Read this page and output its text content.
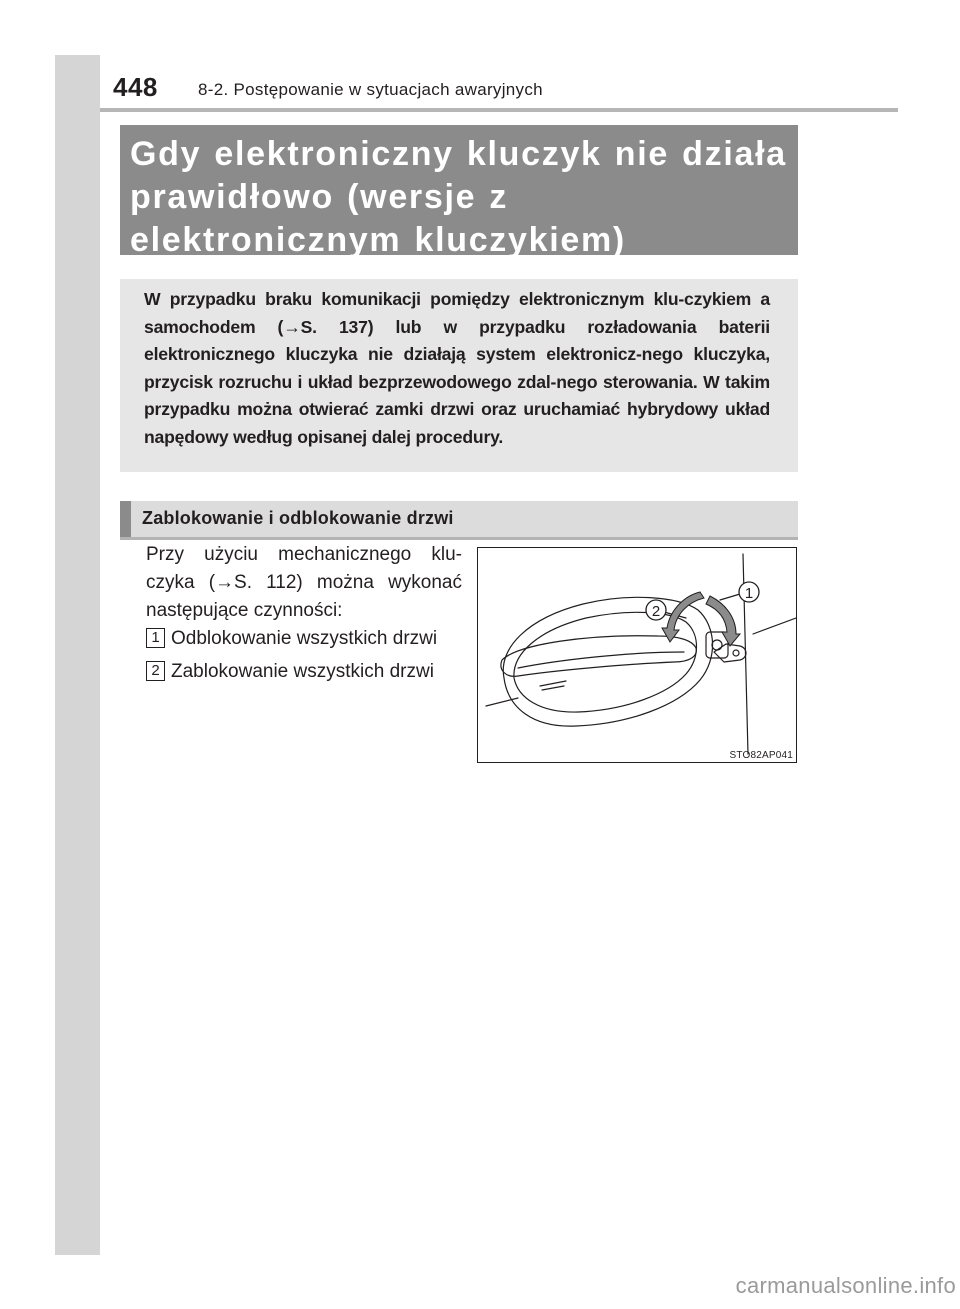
448 8-2. Postępowanie w sytuacjach awaryjnych
Gdy elektroniczny kluczyk nie działa prawidłowo (wersje z elektronicznym kluczykiem)

W przypadku braku komunikacji pomiędzy elektronicznym klu-czykiem a samochodem (→S. 137) lub w przypadku rozładowania baterii elektronicznego kluczyka nie działają system elektronicz-nego kluczyka, przycisk rozruchu i układ bezprzewodowego zdal-nego sterowania. W takim przypadku można otwierać zamki drzwi oraz uruchamiać hybrydowy układ napędowy według opisanej dalej procedury.

Zablokowanie i odblokowanie drzwi

Przy użyciu mechanicznego klu-czyka (→S. 112) można wykonać następujące czynności:

1 Odblokowanie wszystkich drzwi
2 Zablokowanie wszystkich drzwi
1
2
STO82AP041
carmanualsonline.info
